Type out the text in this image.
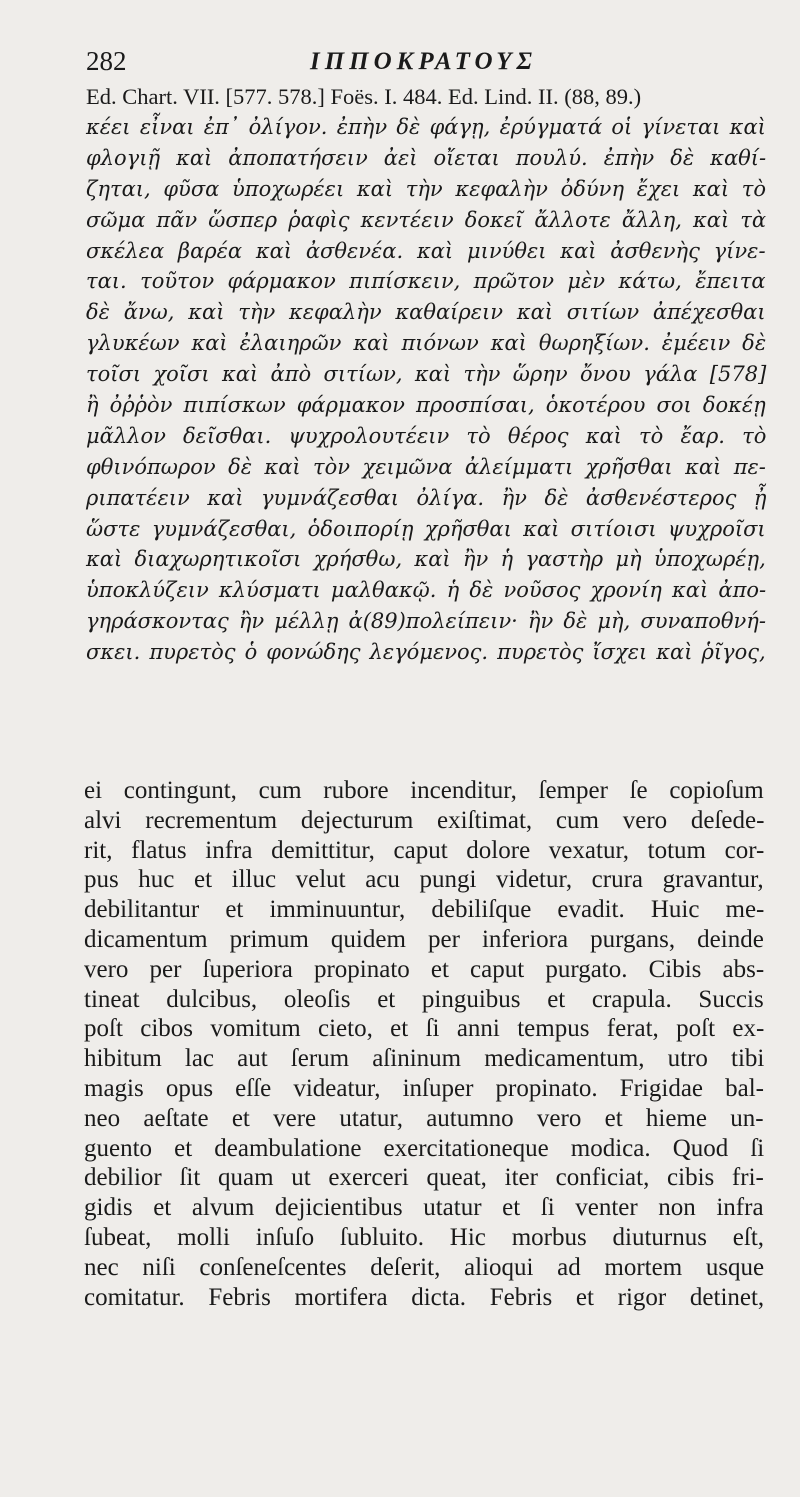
282	ΙΠΠΟΚΡΑΤΟΥΣ
Ed. Chart. VII. [577. 578.] Foës. I. 484. Ed. Lind. II. (88, 89.)
κέει εἶναι ἐπ᾽ ὀλίγον. ἐπὴν δὲ φάγῃ, ἐρύγματά οἱ γίνεται καὶ
φλογιῇ καὶ ἀποπατήσειν ἀεὶ οἴεται πουλύ. ἐπὴν δὲ καθί-
ζηται, φῦσα ὑποχωρέει καὶ τὴν κεφαλὴν ὀδύνη ἔχει καὶ τὸ
σῶμα πᾶν ὥσπερ ῥαφὶς κεντέειν δοκεῖ ἄλλοτε ἄλλη, καὶ τὰ
σκέλεα βαρέα καὶ ἀσθενέα. καὶ μινύθει καὶ ἀσθενὴς γίνε-
ται. τοῦτον φάρμακον πιπίσκειν, πρῶτον μὲν κάτω, ἔπειτα
δὲ ἄνω, καὶ τὴν κεφαλὴν καθαίρειν καὶ σιτίων ἀπέχεσθαι
γλυκέων καὶ ἐλαιηρῶν καὶ πιόνων καὶ θωρηξίων. ἐμέειν δὲ
τοῖσι χοῖσι καὶ ἀπὸ σιτίων, καὶ τὴν ὥρην ὄνου γάλα [578]
ἢ ὀῤῥὸν πιπίσκων φάρμακον προσπίσαι, ὁκοτέρου σοι δοκέῃ
μᾶλλον δεῖσθαι. ψυχρολουτέειν τὸ θέρος καὶ τὸ ἔαρ. τὸ
φθινόπωρον δὲ καὶ τὸν χειμῶνα ἀλείμματι χρῆσθαι καὶ πε-
ριπατέειν καὶ γυμνάζεσθαι ὀλίγα. ἢν δὲ ἀσθενέστερος ᾖ
ὥστε γυμνάζεσθαι, ὁδοιπορίῃ χρῆσθαι καὶ σιτίοισι ψυχροῖσι
καὶ διαχωρητικοῖσι χρήσθω, καὶ ἢν ἡ γαστὴρ μὴ ὑποχωρέῃ,
ὑποκλύζειν κλύσματι μαλθακῷ. ἡ δὲ νοῦσος χρονίη καὶ ἀπο-
γηράσκοντας ἢν μέλλῃ ἀ(89)πολείπειν· ἢν δὲ μὴ, συναποθνή-
σκει. πυρετὸς ὁ φονώδης λεγόμενος. πυρετὸς ἴσχει καὶ ῥῖγος,
ei contingunt, cum rubore incenditur, ſemper ſe copioſum
alvi recrementum dejecturum exiſtimat, cum vero deſede-
rit, flatus infra demittitur, caput dolore vexatur, totum cor-
pus huc et illuc velut acu pungi videtur, crura gravantur,
debilitantur et imminuuntur, debiliſque evadit. Huic me-
dicamentum primum quidem per inferiora purgans, deinde
vero per ſuperiora propinato et caput purgato. Cibis abs-
tineat dulcibus, oleoſis et pinguibus et crapula. Succis
poſt cibos vomitum cieto, et ſi anni tempus ferat, poſt ex-
hibitum lac aut ſerum aſininum medicamentum, utro tibi
magis opus eſſe videatur, inſuper propinato. Frigidae bal-
neo aeſtate et vere utatur, autumno vero et hieme un-
guento et deambulatione exercitationeque modica. Quod ſi
debilior ſit quam ut exerceri queat, iter conficiat, cibis fri-
gidis et alvum dejicientibus utatur et ſi venter non infra
ſubeat, molli inſuſo ſubluito. Hic morbus diuturnus eſt,
nec niſi conſeneſcentes deſerit, alioqui ad mortem usque
comitatur. Febris mortifera dicta. Febris et rigor detinet,
